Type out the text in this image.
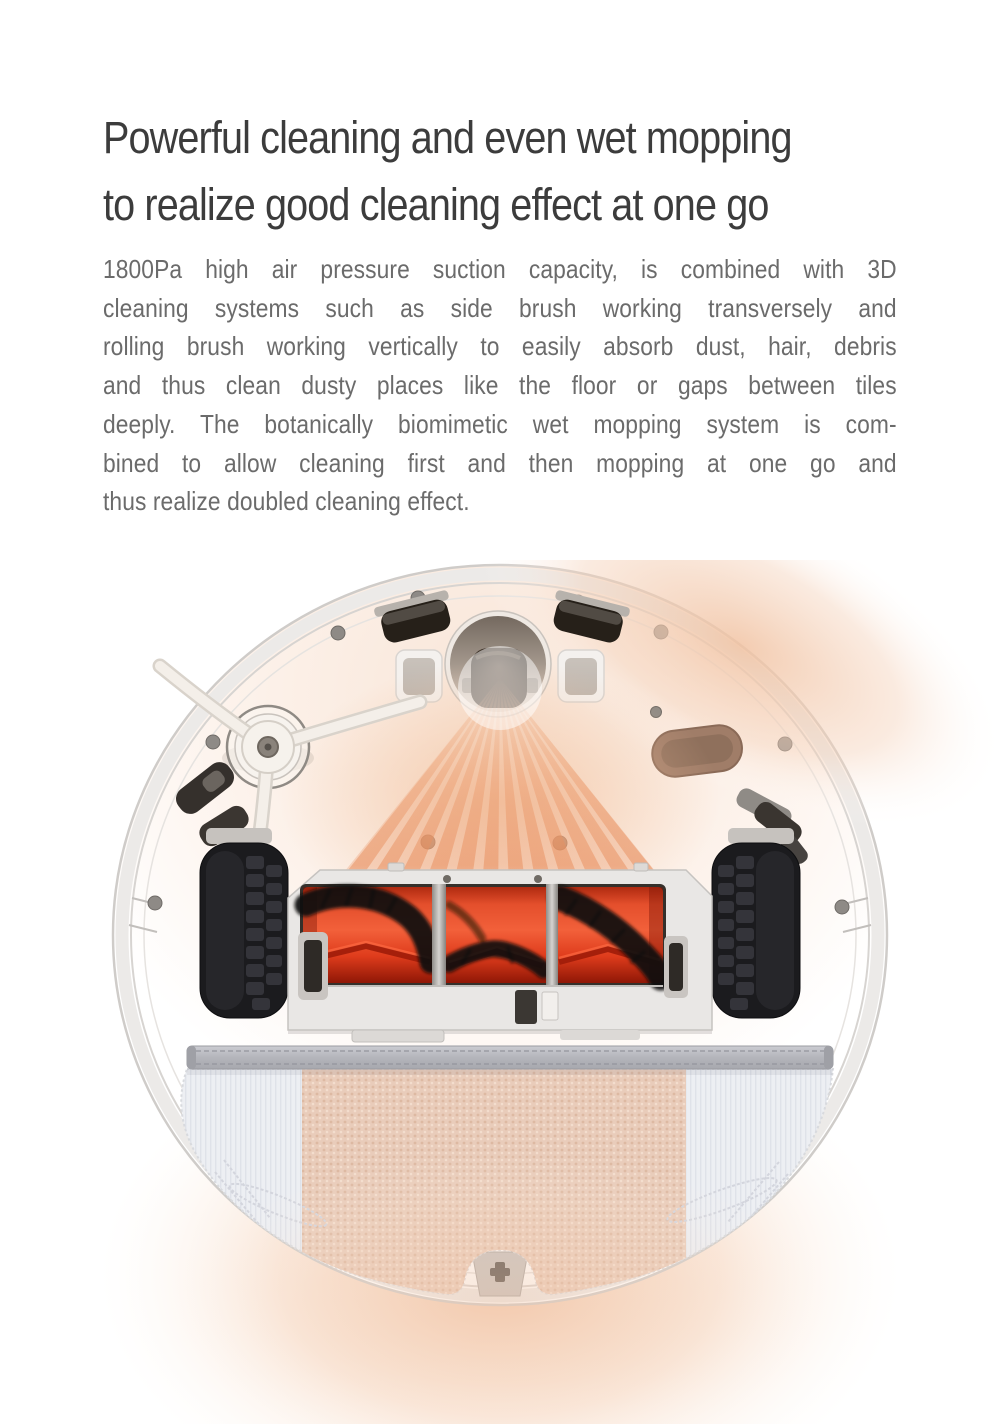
Powerful cleaning and even wet mopping
to realize good cleaning effect at one go
1800Pa high air pressure suction capacity, is combined with 3D
cleaning systems such as side brush working transversely and
rolling brush working vertically to easily absorb dust, hair, debris
and thus clean dusty places like the floor or gaps between tiles
deeply. The botanically biomimetic wet mopping system is com-
bined to allow cleaning first and then mopping at one go and
thus realize doubled cleaning effect.
